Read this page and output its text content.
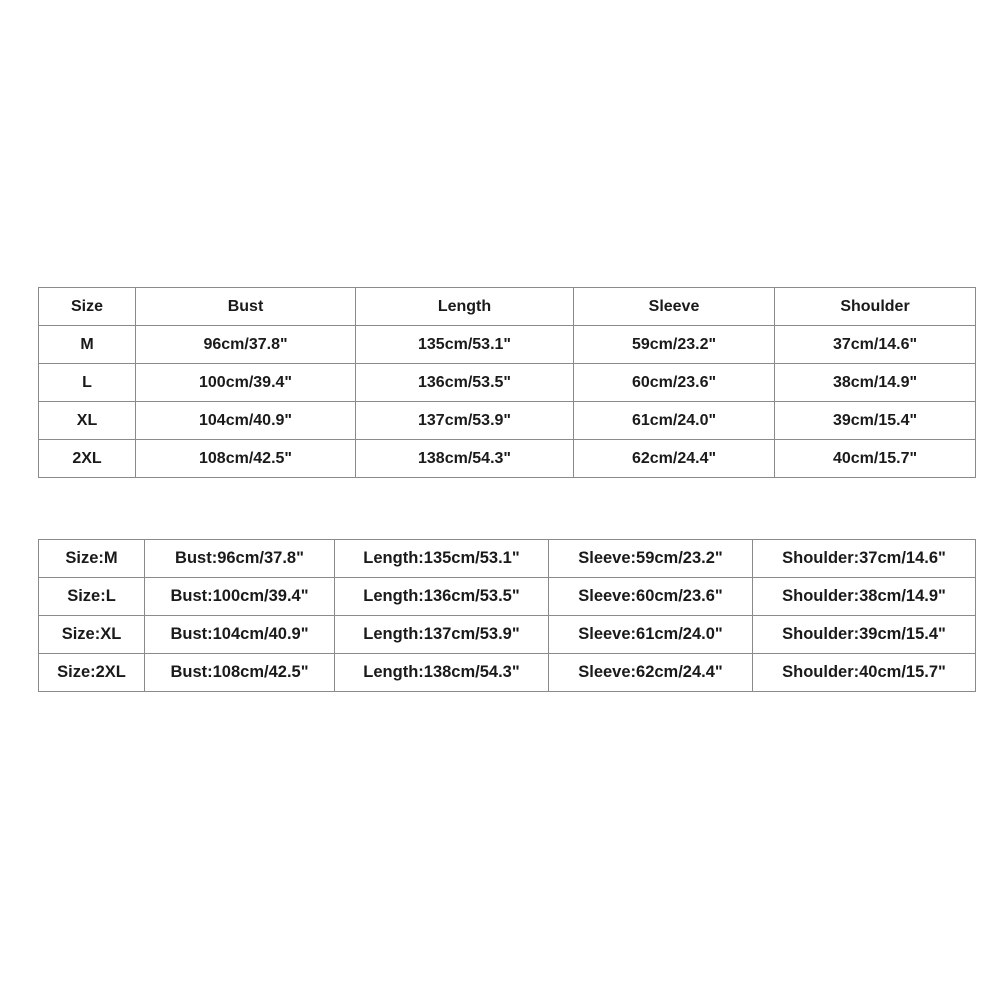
Size	Bust	Length	Sleeve	Shoulder
M	96cm/37.8"	135cm/53.1"	59cm/23.2"	37cm/14.6"
L	100cm/39.4"	136cm/53.5"	60cm/23.6"	38cm/14.9"
XL	104cm/40.9"	137cm/53.9"	61cm/24.0"	39cm/15.4"
2XL	108cm/42.5"	138cm/54.3"	62cm/24.4"	40cm/15.7"
Size:M	Bust:96cm/37.8"	Length:135cm/53.1"	Sleeve:59cm/23.2"	Shoulder:37cm/14.6"
Size:L	Bust:100cm/39.4"	Length:136cm/53.5"	Sleeve:60cm/23.6"	Shoulder:38cm/14.9"
Size:XL	Bust:104cm/40.9"	Length:137cm/53.9"	Sleeve:61cm/24.0"	Shoulder:39cm/15.4"
Size:2XL	Bust:108cm/42.5"	Length:138cm/54.3"	Sleeve:62cm/24.4"	Shoulder:40cm/15.7"
